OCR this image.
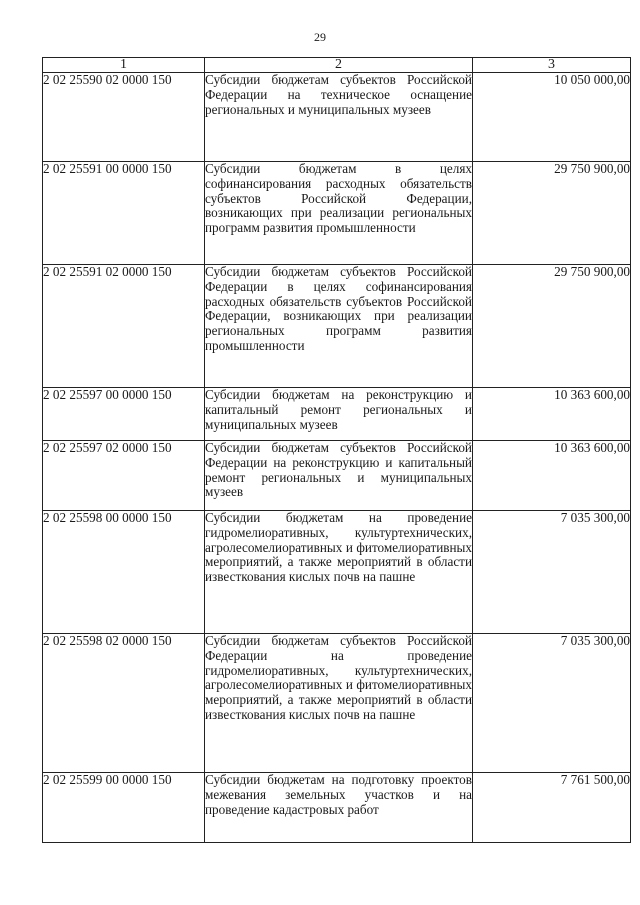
29
1	2	3
2 02 25590 02 0000 150	Субсидии бюджетам субъектов Российской Федерации на техническое оснащение региональных и муниципальных музеев	10 050 000,00
2 02 25591 00 0000 150	Субсидии бюджетам в целях софинансирования расходных обязательств субъектов Российской Федерации, возникающих при реализации региональных программ развития промышленности	29 750 900,00
2 02 25591 02 0000 150	Субсидии бюджетам субъектов Российской Федерации в целях софинансирования расходных обязательств субъектов Российской Федерации, возникающих при реализации региональных программ развития промышленности	29 750 900,00
2 02 25597 00 0000 150	Субсидии бюджетам на реконструкцию и капитальный ремонт региональных и муниципальных музеев	10 363 600,00
2 02 25597 02 0000 150	Субсидии бюджетам субъектов Российской Федерации на реконструкцию и капитальный ремонт региональных и муниципальных музеев	10 363 600,00
2 02 25598 00 0000 150	Субсидии бюджетам на проведение гидромелиоративных, культуртехнических, агролесомелиоративных и фитомелиоративных мероприятий, а также мероприятий в области известкования кислых почв на пашне	7 035 300,00
2 02 25598 02 0000 150	Субсидии бюджетам субъектов Российской Федерации на проведение гидромелиоративных, культуртехнических, агролесомелиоративных и фитомелиоративных мероприятий, а также мероприятий в области известкования кислых почв на пашне	7 035 300,00
2 02 25599 00 0000 150	Субсидии бюджетам на подготовку проектов межевания земельных участков и на проведение кадастровых работ	7 761 500,00
